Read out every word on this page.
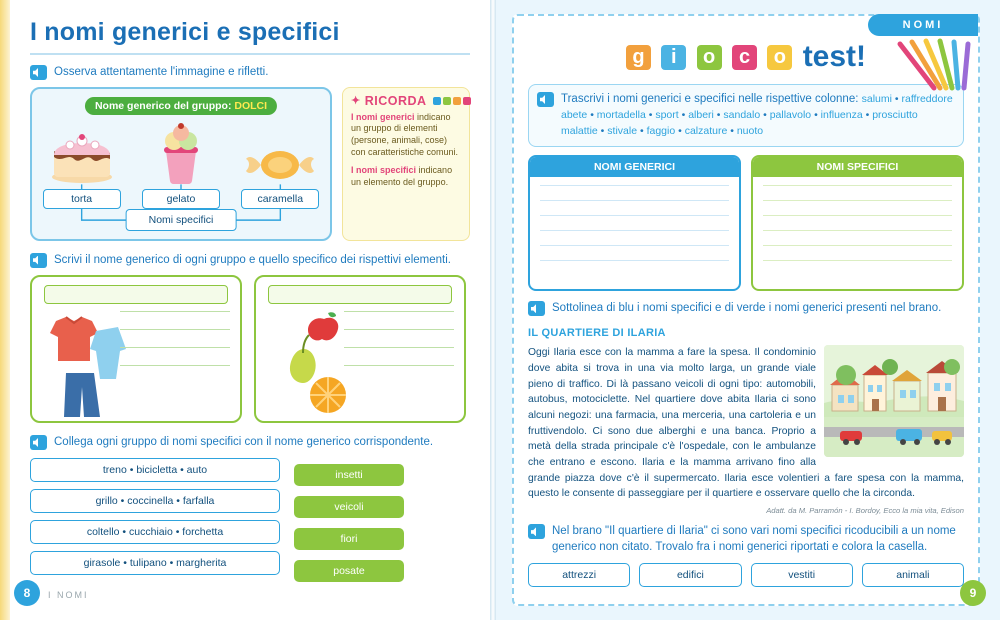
I nomi generici e specifici
Osserva attentamente l'immagine e rifletti.
Nome generico del gruppo: DOLCI
torta	gelato	caramella
Nomi specifici
✦ RICORDA

I nomi generici indicano un gruppo di elementi (persone, animali, cose) con caratteristiche comuni.

I nomi specifici indicano un elemento del gruppo.

Scrivi il nome generico di ogni gruppo e quello specifico dei rispettivi elementi.
Collega ogni gruppo di nomi specifici con il nome generico corrispondente.
treno • bicicletta • auto
grillo • coccinella • farfalla
coltello • cucchiaio • forchetta
girasole • tulipano • margherita
insetti
veicoli
fiori
posate
8	I NOMI
NOMI
g i o c o test!
Trascrivi i nomi generici e specifici nelle rispettive colonne: salumi • raffreddore
abete • mortadella • sport • alberi • sandalo • pallavolo • influenza • prosciutto
malattie • stivale • faggio • calzature • nuoto
NOMI GENERICI	NOMI SPECIFICI
Sottolinea di blu i nomi specifici e di verde i nomi generici presenti nel brano.
IL QUARTIERE DI ILARIA
Oggi Ilaria esce con la mamma a fare la spesa. Il condominio dove abita si trova in una via molto larga, un grande viale pieno di traffico. Di là passano veicoli di ogni tipo: automobili, autobus, motociclette. Nel quartiere dove abita Ilaria ci sono alcuni negozi: una farmacia, una merceria, una cartoleria e un fruttivendolo. Ci sono due alberghi e una banca. Proprio a metà della strada principale c'è l'ospedale, con le ambulanze che entrano e escono. Ilaria e la mamma arrivano fino alla grande piazza dove c'è il supermercato. Ilaria esce volentieri a fare spesa con la mamma, questo le consente di passeggiare per il quartiere e osservare quello che la circonda.
Adatt. da M. Parramón - I. Bordoy, Ecco la mia vita, Edison
Nel brano "Il quartiere di Ilaria" ci sono vari nomi specifici ricoducibili a un nome generico non citato. Trovalo fra i nomi generici riportati e colora la casella.
attrezzi	edifici	vestiti	animali
9
